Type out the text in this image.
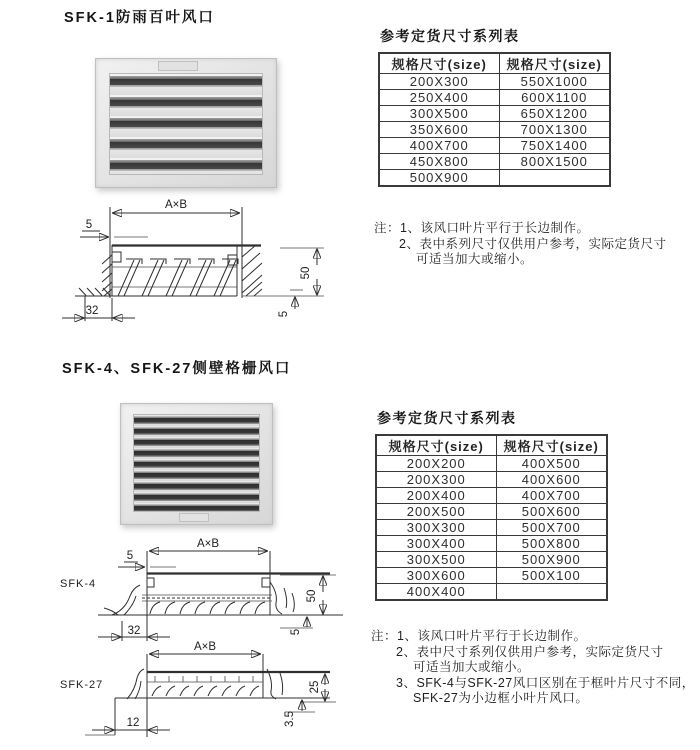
SFK-1防雨百叶风口
参考定货尺寸系列表
规格尺寸(size)	规格尺寸(size)
200X300	550X1000
250X400	600X1100
300X500	650X1200
350X600	700X1300
400X700	750X1400
450X800	800X1500
500X900	
A×B
5
50
5
32
注：1、该风口叶片平行于长边制作。
2、表中系列尺寸仅供用户参考，实际定货尺寸
可适当加大或缩小。
SFK-4、SFK-27侧壁格栅风口
参考定货尺寸系列表
规格尺寸(size)	规格尺寸(size)
200X200	400X500
200X300	400X600
200X400	400X700
200X500	500X600
300X300	500X700
300X400	500X800
300X500	500X900
300X600	500X100
400X400	
SFK-4
A×B
5
50
5
32
SFK-27
A×B
25
3.5
12
注：1、该风口叶片平行于长边制作。
2、表中尺寸系列仅供用户参考，实际定货尺寸
可适当加大或缩小。
3、SFK-4与SFK-27风口区别在于框叶片尺寸不同，
SFK-27为小边框小叶片风口。
